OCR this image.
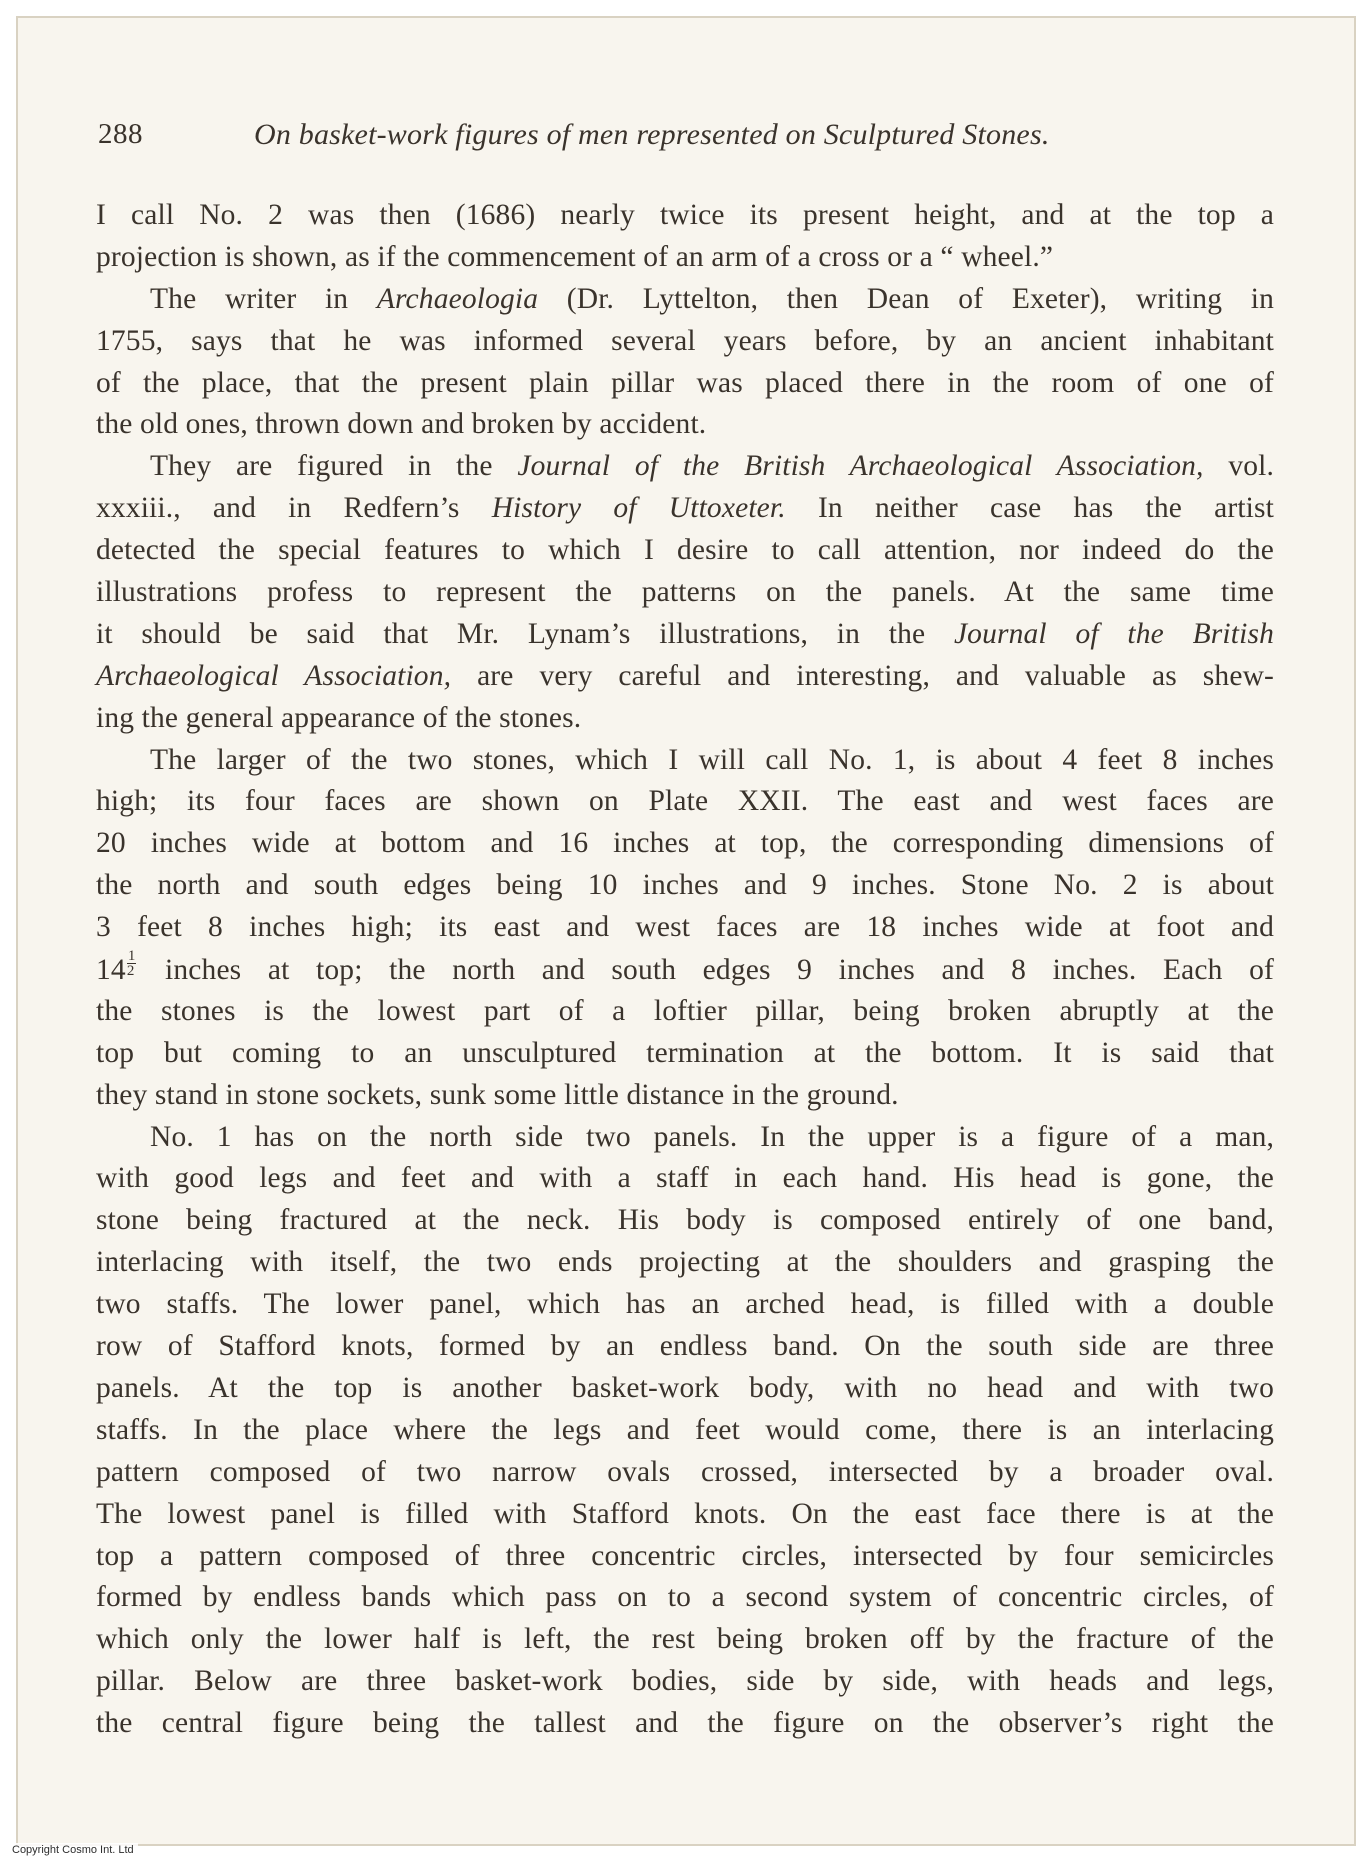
288	On basket-work figures of men represented on Sculptured Stones.
I call No. 2 was then (1686) nearly twice its present height, and at the top a
projection is shown, as if the commencement of an arm of a cross or a “ wheel.”
The writer in Archaeologia (Dr. Lyttelton, then Dean of Exeter), writing in
1755, says that he was informed several years before, by an ancient inhabitant
of the place, that the present plain pillar was placed there in the room of one of
the old ones, thrown down and broken by accident.
They are figured in the Journal of the British Archaeological Association, vol.
xxxiii., and in Redfern’s History of Uttoxeter. In neither case has the artist
detected the special features to which I desire to call attention, nor indeed do the
illustrations profess to represent the patterns on the panels. At the same time
it should be said that Mr. Lynam’s illustrations, in the Journal of the British
Archaeological Association, are very careful and interesting, and valuable as shew-
ing the general appearance of the stones.
The larger of the two stones, which I will call No. 1, is about 4 feet 8 inches
high; its four faces are shown on Plate XXII. The east and west faces are
20 inches wide at bottom and 16 inches at top, the corresponding dimensions of
the north and south edges being 10 inches and 9 inches. Stone No. 2 is about
3 feet 8 inches high; its east and west faces are 18 inches wide at foot and
$14 \frac{1}{2}$ inches at top; the north and south edges 9 inches and 8 inches. Each of
the stones is the lowest part of a loftier pillar, being broken abruptly at the
top but coming to an unsculptured termination at the bottom. It is said that
they stand in stone sockets, sunk some little distance in the ground.
No. 1 has on the north side two panels. In the upper is a figure of a man,
with good legs and feet and with a staff in each hand. His head is gone, the
stone being fractured at the neck. His body is composed entirely of one band,
interlacing with itself, the two ends projecting at the shoulders and grasping the
two staffs. The lower panel, which has an arched head, is filled with a double
row of Stafford knots, formed by an endless band. On the south side are three
panels. At the top is another basket-work body, with no head and with two
staffs. In the place where the legs and feet would come, there is an interlacing
pattern composed of two narrow ovals crossed, intersected by a broader oval.
The lowest panel is filled with Stafford knots. On the east face there is at the
top a pattern composed of three concentric circles, intersected by four semicircles
formed by endless bands which pass on to a second system of concentric circles, of
which only the lower half is left, the rest being broken off by the fracture of the
pillar. Below are three basket-work bodies, side by side, with heads and legs,
the central figure being the tallest and the figure on the observer’s right the
Copyright Cosmo Int. Ltd
